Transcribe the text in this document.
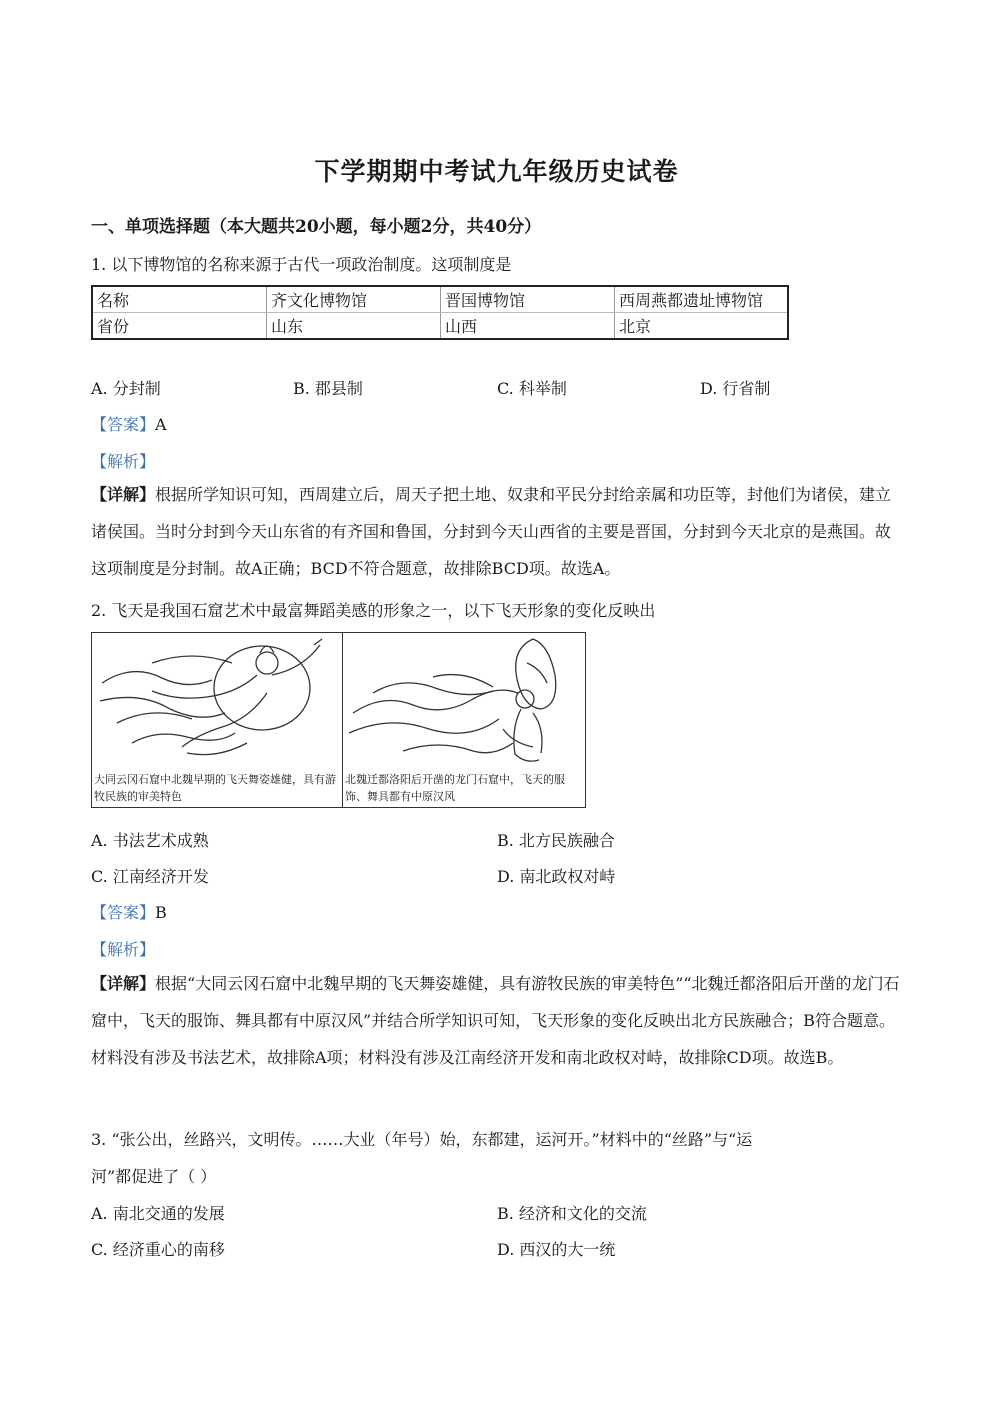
下学期期中考试九年级历史试卷
一、单项选择题（本大题共20小题，每小题2分，共40分）
1. 以下博物馆的名称来源于古代一项政治制度。这项制度是
名称	齐文化博物馆	晋国博物馆	西周燕都遗址博物馆
省份	山东	山西	北京
A. 分封制	B. 郡县制	C. 科举制	D. 行省制
【答案】A
【解析】
【详解】根据所学知识可知，西周建立后，周天子把土地、奴隶和平民分封给亲属和功臣等，封他们为诸侯，建立诸侯国。当时分封到今天山东省的有齐国和鲁国，分封到今天山西省的主要是晋国，分封到今天北京的是燕国。故这项制度是分封制。故A正确；BCD不符合题意，故排除BCD项。故选A。
2. 飞天是我国石窟艺术中最富舞蹈美感的形象之一，以下飞天形象的变化反映出
大同云冈石窟中北魏早期的飞天舞姿雄健，具有游牧民族的审美特色
北魏迁都洛阳后开凿的龙门石窟中，飞天的服饰、舞具都有中原汉风
A. 书法艺术成熟	B. 北方民族融合
C. 江南经济开发	D. 南北政权对峙
【答案】B
【解析】
【详解】根据“大同云冈石窟中北魏早期的飞天舞姿雄健，具有游牧民族的审美特色”“北魏迁都洛阳后开凿的龙门石窟中，飞天的服饰、舞具都有中原汉风”并结合所学知识可知，飞天形象的变化反映出北方民族融合；B符合题意。材料没有涉及书法艺术，故排除A项；材料没有涉及江南经济开发和南北政权对峙，故排除CD项。故选B。
3. “张公出，丝路兴，文明传。……大业（年号）始，东都建，运河开。”材料中的“丝路”与“运
河”都促进了（ ）
A. 南北交通的发展	B. 经济和文化的交流
C. 经济重心的南移	D. 西汉的大一统
